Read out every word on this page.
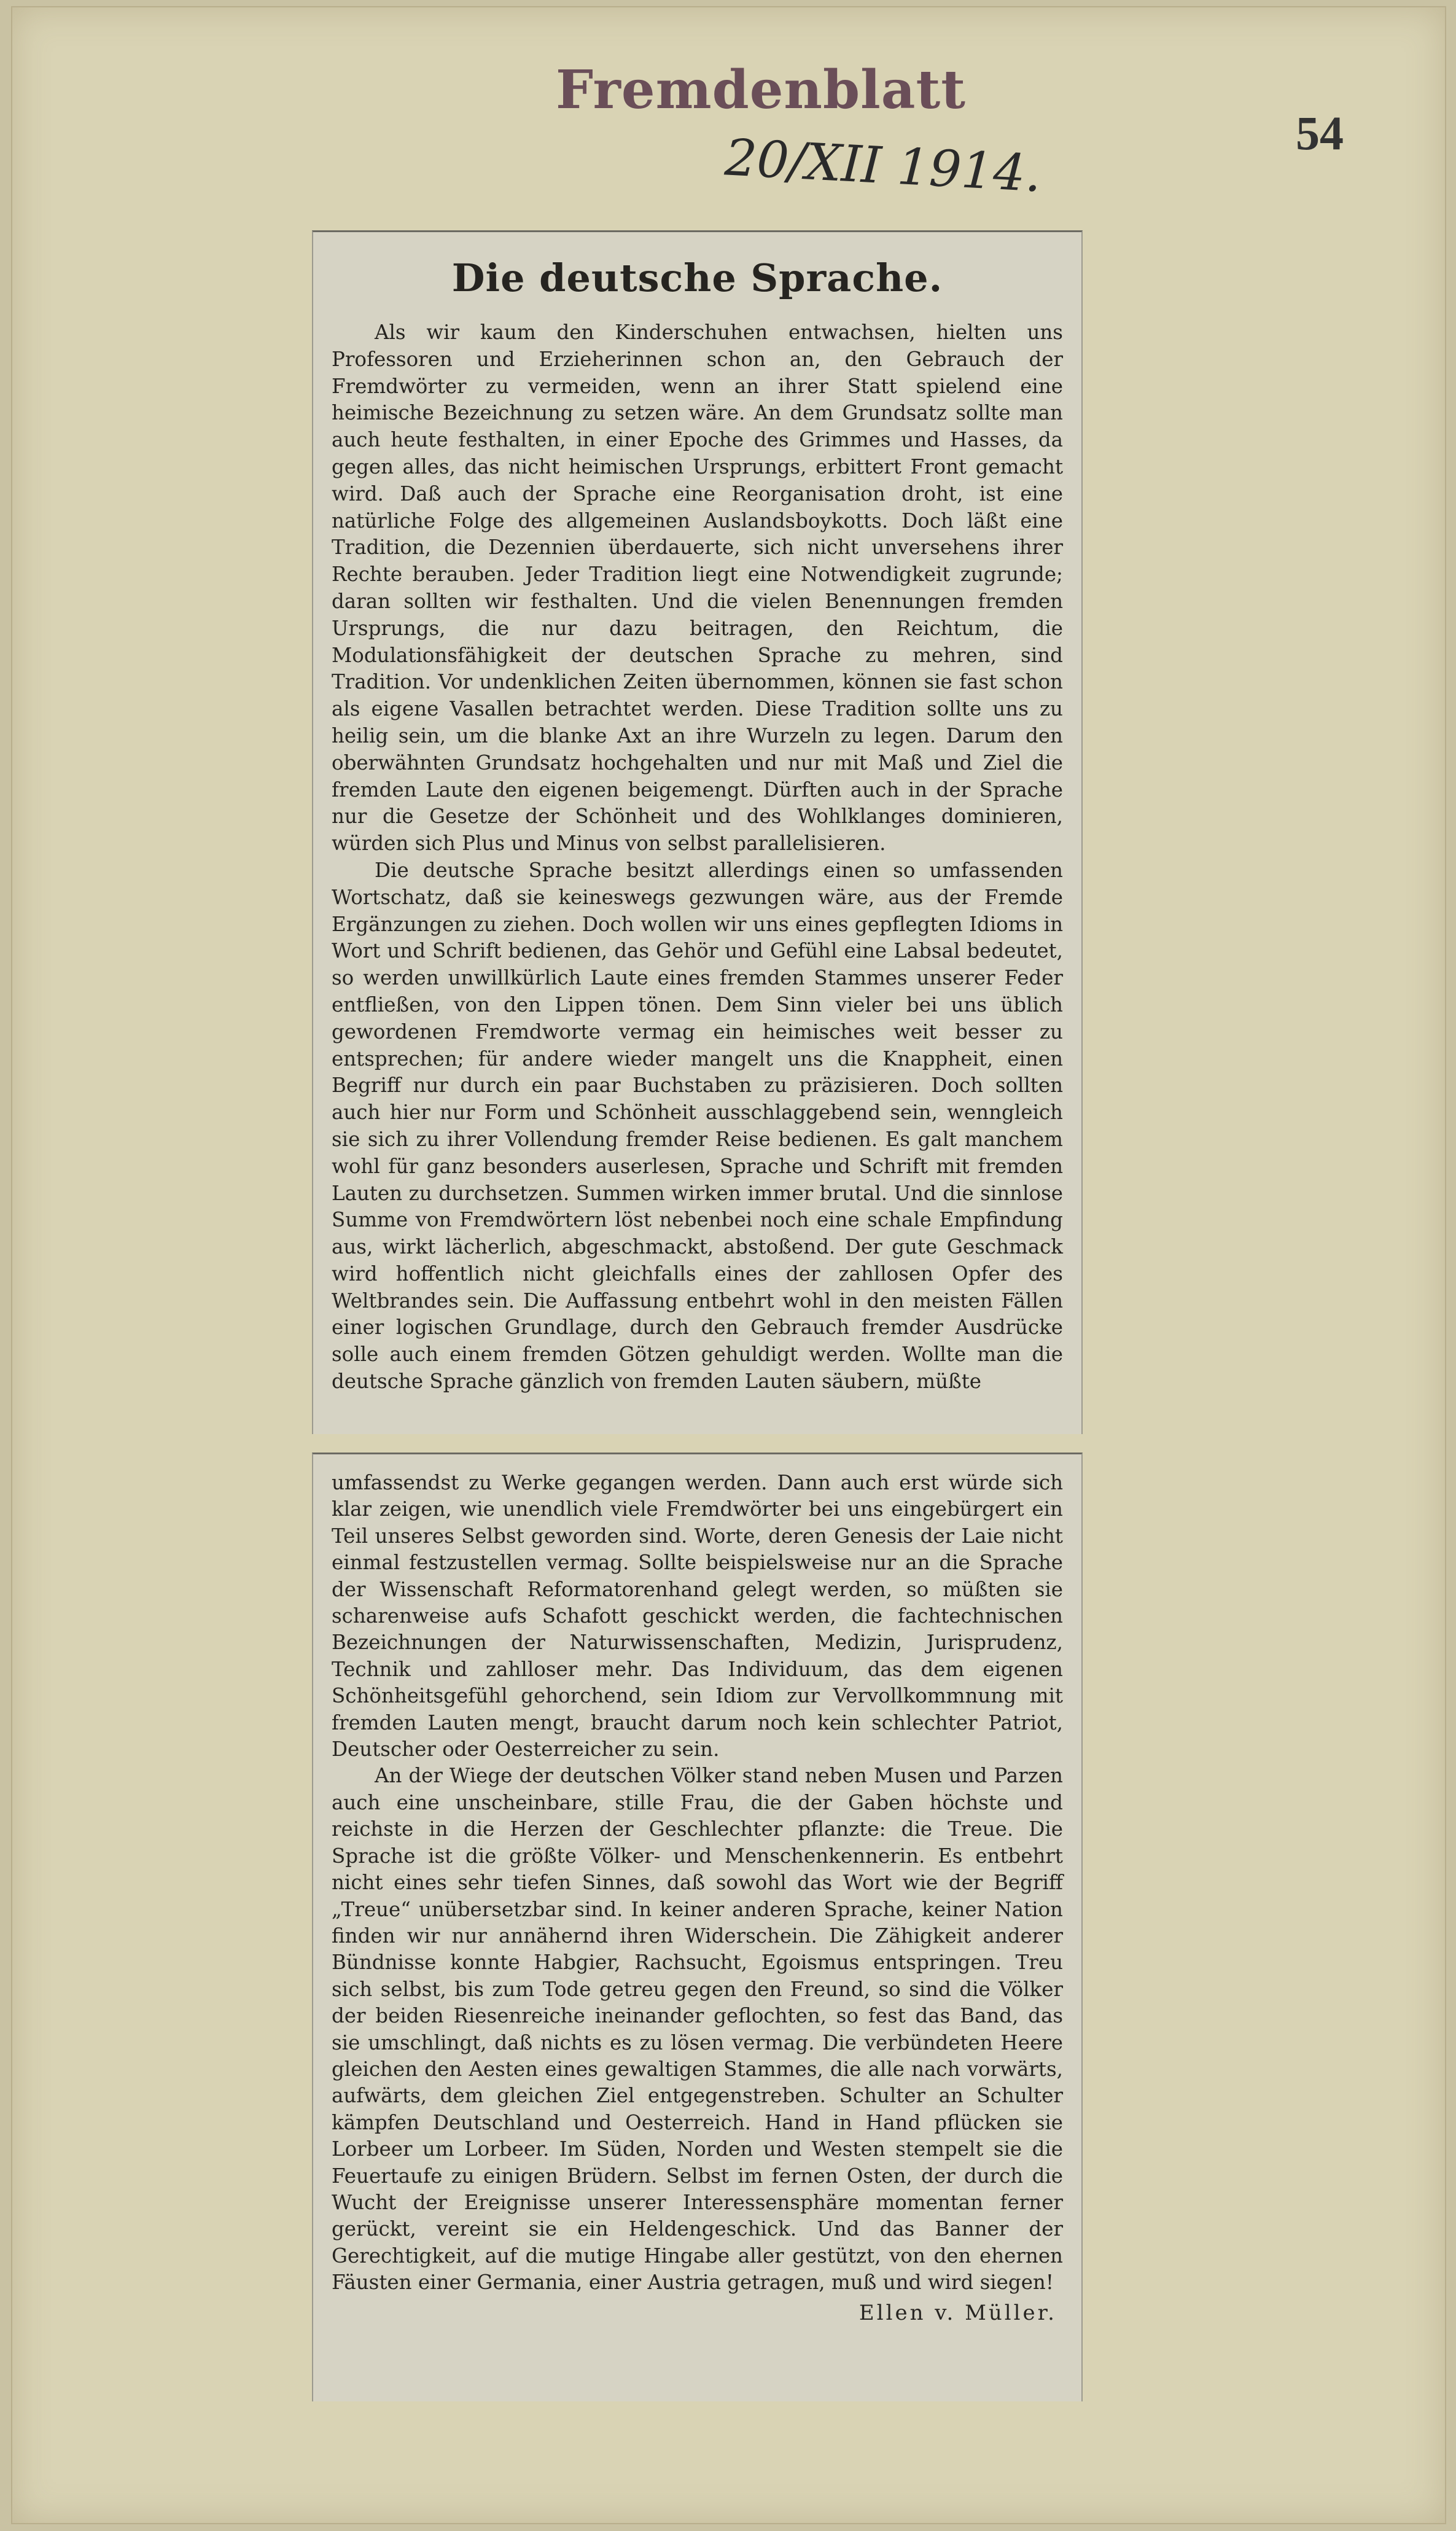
Fremdenblatt
20/XII 1914.	54
Die deutsche Sprache.

Als wir kaum den Kinderschuhen entwachsen, hielten uns Professoren und Erzieherinnen schon an, den Gebrauch der Fremdwörter zu vermeiden, wenn an ihrer Statt spielend eine heimische Bezeichnung zu setzen wäre. An dem Grundsatz sollte man auch heute festhalten, in einer Epoche des Grimmes und Hasses, da gegen alles, das nicht heimischen Ursprungs, erbittert Front gemacht wird. Daß auch der Sprache eine Reorganisation droht, ist eine natürliche Folge des allgemeinen Auslandsboykotts. Doch läßt eine Tradition, die Dezennien überdauerte, sich nicht unversehens ihrer Rechte berauben. Jeder Tradition liegt eine Notwendigkeit zugrunde; daran sollten wir festhalten. Und die vielen Benennungen fremden Ursprungs, die nur dazu beitragen, den Reichtum, die Modulationsfähigkeit der deutschen Sprache zu mehren, sind Tradition. Vor undenklichen Zeiten übernommen, können sie fast schon als eigene Vasallen betrachtet werden. Diese Tradition sollte uns zu heilig sein, um die blanke Axt an ihre Wurzeln zu legen. Darum den oberwähnten Grundsatz hochgehalten und nur mit Maß und Ziel die fremden Laute den eigenen beigemengt. Dürften auch in der Sprache nur die Gesetze der Schönheit und des Wohlklanges dominieren, würden sich Plus und Minus von selbst parallelisieren.

Die deutsche Sprache besitzt allerdings einen so umfassenden Wortschatz, daß sie keineswegs gezwungen wäre, aus der Fremde Ergänzungen zu ziehen. Doch wollen wir uns eines gepflegten Idioms in Wort und Schrift bedienen, das Gehör und Gefühl eine Labsal bedeutet, so werden unwillkürlich Laute eines fremden Stammes unserer Feder entfließen, von den Lippen tönen. Dem Sinn vieler bei uns üblich gewordenen Fremdworte vermag ein heimisches weit besser zu entsprechen; für andere wieder mangelt uns die Knappheit, einen Begriff nur durch ein paar Buchstaben zu präzisieren. Doch sollten auch hier nur Form und Schönheit ausschlaggebend sein, wenngleich sie sich zu ihrer Vollendung fremder Reise bedienen. Es galt manchem wohl für ganz besonders auserlesen, Sprache und Schrift mit fremden Lauten zu durchsetzen. Summen wirken immer brutal. Und die sinnlose Summe von Fremdwörtern löst nebenbei noch eine schale Empfindung aus, wirkt lächerlich, abgeschmackt, abstoßend. Der gute Geschmack wird hoffentlich nicht gleichfalls eines der zahllosen Opfer des Weltbrandes sein. Die Auffassung entbehrt wohl in den meisten Fällen einer logischen Grundlage, durch den Gebrauch fremder Ausdrücke solle auch einem fremden Götzen gehuldigt werden. Wollte man die deutsche Sprache gänzlich von fremden Lauten säubern, müßte

umfassendst zu Werke gegangen werden. Dann auch erst würde sich klar zeigen, wie unendlich viele Fremdwörter bei uns eingebürgert ein Teil unseres Selbst geworden sind. Worte, deren Genesis der Laie nicht einmal festzustellen vermag. Sollte beispielsweise nur an die Sprache der Wissenschaft Reformatorenhand gelegt werden, so müßten sie scharenweise aufs Schafott geschickt werden, die fachtechnischen Bezeichnungen der Naturwissenschaften, Medizin, Jurisprudenz, Technik und zahlloser mehr. Das Individuum, das dem eigenen Schönheitsgefühl gehorchend, sein Idiom zur Vervollkommnung mit fremden Lauten mengt, braucht darum noch kein schlechter Patriot, Deutscher oder Oesterreicher zu sein.

An der Wiege der deutschen Völker stand neben Musen und Parzen auch eine unscheinbare, stille Frau, die der Gaben höchste und reichste in die Herzen der Geschlechter pflanzte: die Treue. Die Sprache ist die größte Völker- und Menschenkennerin. Es entbehrt nicht eines sehr tiefen Sinnes, daß sowohl das Wort wie der Begriff „Treue“ unübersetzbar sind. In keiner anderen Sprache, keiner Nation finden wir nur annähernd ihren Widerschein. Die Zähigkeit anderer Bündnisse konnte Habgier, Rachsucht, Egoismus entspringen. Treu sich selbst, bis zum Tode getreu gegen den Freund, so sind die Völker der beiden Riesenreiche ineinander geflochten, so fest das Band, das sie umschlingt, daß nichts es zu lösen vermag. Die verbündeten Heere gleichen den Aesten eines gewaltigen Stammes, die alle nach vorwärts, aufwärts, dem gleichen Ziel entgegenstreben. Schulter an Schulter kämpfen Deutschland und Oesterreich. Hand in Hand pflücken sie Lorbeer um Lorbeer. Im Süden, Norden und Westen stempelt sie die Feuertaufe zu einigen Brüdern. Selbst im fernen Osten, der durch die Wucht der Ereignisse unserer Interessensphäre momentan ferner gerückt, vereint sie ein Heldengeschick. Und das Banner der Gerechtigkeit, auf die mutige Hingabe aller gestützt, von den ehernen Fäusten einer Germania, einer Austria getragen, muß und wird siegen!

Ellen v. Müller.
